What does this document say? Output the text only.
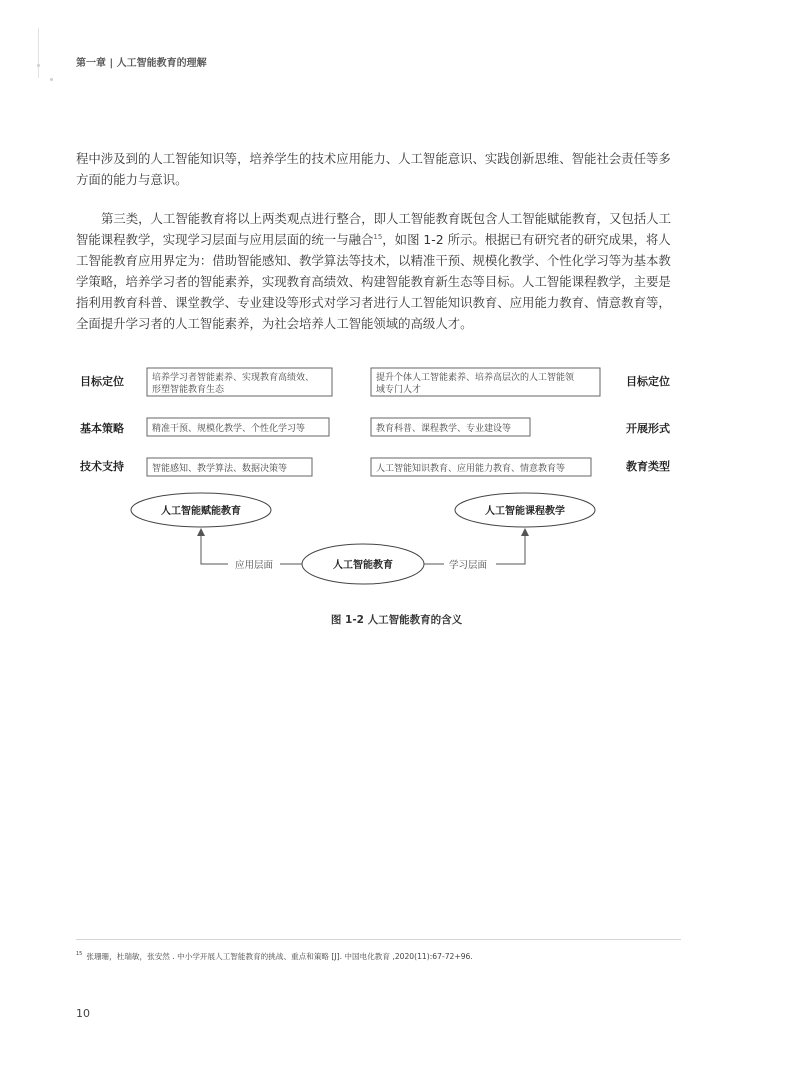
第一章 | 人工智能教育的理解

程中涉及到的人工智能知识等，培养学生的技术应用能力、人工智能意识、实践创新思维、智能社会责任等多方面的能力与意识。

第三类，人工智能教育将以上两类观点进行整合，即人工智能教育既包含人工智能赋能教育，又包括人工智能课程教学，实现学习层面与应用层面的统一与融合$^{15}$，如图 1-2 所示。根据已有研究者的研究成果，将人工智能教育应用界定为：借助智能感知、教学算法等技术，以精准干预、规模化教学、个性化学习等为基本教学策略，培养学习者的智能素养，实现教育高绩效、构建智能教育新生态等目标。人工智能课程教学，主要是指利用教育科普、课堂教学、专业建设等形式对学习者进行人工智能知识教育、应用能力教育、情意教育等，全面提升学习者的人工智能素养，为社会培养人工智能领域的高级人才。

目标定位
基本策略
技术支持
培养学习者智能素养、实现教育高绩效、
形塑智能教育生态
精准干预、规模化教学、个性化学习等
智能感知、教学算法、数据决策等
提升个体人工智能素养、培养高层次的人工智能领
域专门人才
教育科普、课程教学、专业建设等
人工智能知识教育、应用能力教育、情意教育等
目标定位
开展形式
教育类型
人工智能赋能教育	人工智能课程教学
人工智能教育
应用层面	学习层面
图 1-2 人工智能教育的含义
$^{15}$ 张珊珊，杜瑞敏，张安然 . 中小学开展人工智能教育的挑战、重点和策略 [J]. 中国电化教育 ,2020(11):67-72+96.
10
